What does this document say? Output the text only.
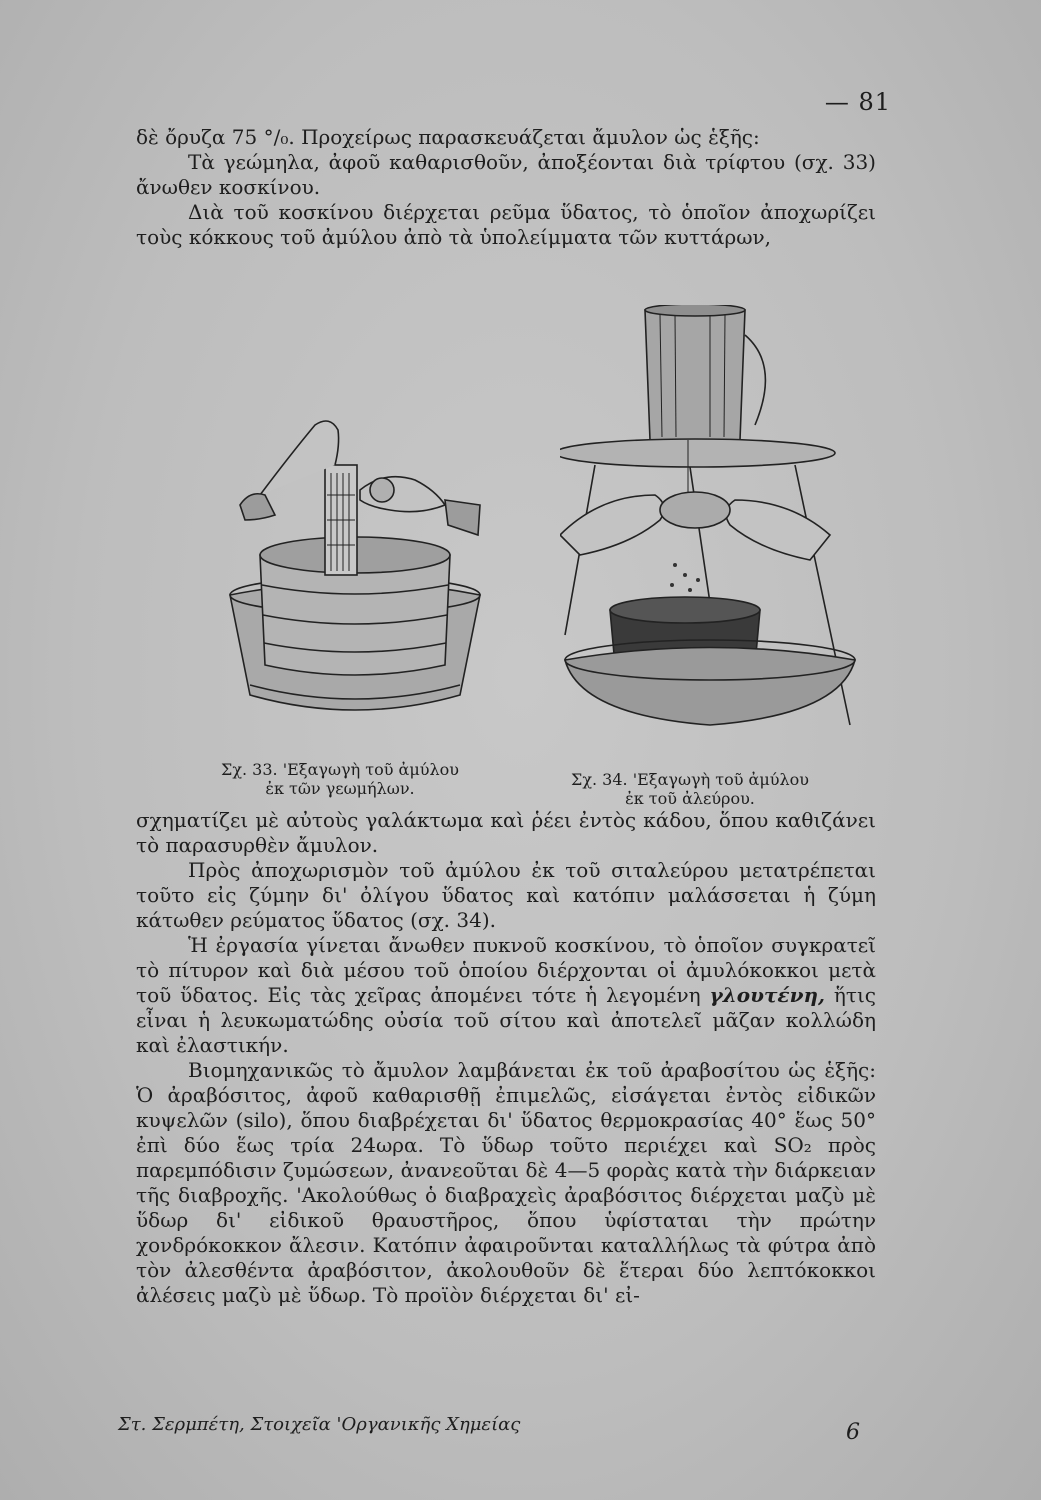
— 81

δὲ ὄρυζα 75 °/₀. Προχείρως παρασκευάζεται ἄμυλον ὡς ἑξῆς:

Τὰ γεώμηλα, ἀφοῦ καθαρισθοῦν, ἀποξέονται διὰ τρίφτου (σχ. 33) ἄνωθεν κοσκίνου.

Διὰ τοῦ κοσκίνου διέρχεται ρεῦμα ὕδατος, τὸ ὁποῖον ἀποχωρίζει τοὺς κόκκους τοῦ ἀμύλου ἀπὸ τὰ ὑπολείμματα τῶν κυττάρων,

Σχ. 33. 'Εξαγωγὴ τοῦ ἀμύλου
ἐκ τῶν γεωμήλων.	Σχ. 34. 'Εξαγωγὴ τοῦ ἀμύλου
ἐκ τοῦ ἀλεύρου.

σχηματίζει μὲ αὐτοὺς γαλάκτωμα καὶ ῥέει ἐντὸς κάδου, ὅπου καθιζάνει τὸ παρασυρθὲν ἄμυλον.

Πρὸς ἀποχωρισμὸν τοῦ ἀμύλου ἐκ τοῦ σιταλεύρου μετατρέπεται τοῦτο εἰς ζύμην δι' ὀλίγου ὕδατος καὶ κατόπιν μαλάσσεται ἡ ζύμη κάτωθεν ρεύματος ὕδατος (σχ. 34).

Ἡ ἐργασία γίνεται ἄνωθεν πυκνοῦ κοσκίνου, τὸ ὁποῖον συγκρατεῖ τὸ πίτυρον καὶ διὰ μέσου τοῦ ὁποίου διέρχονται οἱ ἀμυλόκοκκοι μετὰ τοῦ ὕδατος. Εἰς τὰς χεῖρας ἀπομένει τότε ἡ λεγομένη γλουτένη, ἥτις εἶναι ἡ λευκωματώδης οὐσία τοῦ σίτου καὶ ἀποτελεῖ μᾶζαν κολλώδη καὶ ἐλαστικήν.

Βιομηχανικῶς τὸ ἄμυλον λαμβάνεται ἐκ τοῦ ἀραβοσίτου ὡς ἑξῆς: Ὁ ἀραβόσιτος, ἀφοῦ καθαρισθῇ ἐπιμελῶς, εἰσάγεται ἐντὸς εἰδικῶν κυψελῶν (silo), ὅπου διαβρέχεται δι' ὕδατος θερμοκρασίας 40° ἕως 50° ἐπὶ δύο ἕως τρία 24ωρα. Τὸ ὕδωρ τοῦτο περιέχει καὶ SO₂ πρὸς παρεμπόδισιν ζυμώσεων, ἀνανεοῦται δὲ 4—5 φορὰς κατὰ τὴν διάρκειαν τῆς διαβροχῆς. 'Ακολούθως ὁ διαβραχεὶς ἀραβόσιτος διέρχεται μαζὺ μὲ ὕδωρ δι' εἰδικοῦ θραυστῆρος, ὅπου ὑφίσταται τὴν πρώτην χονδρόκοκκον ἄλεσιν. Κατόπιν ἀφαιροῦνται καταλλήλως τὰ φύτρα ἀπὸ τὸν ἀλεσθέντα ἀραβόσιτον, ἀκολουθοῦν δὲ ἕτεραι δύο λεπτόκοκκοι ἀλέσεις μαζὺ μὲ ὕδωρ. Τὸ προϊὸν διέρχεται δι' εἰ-

Στ. Σερμπέτη, Στοιχεῖα 'Οργανικῆς Χημείας	6
